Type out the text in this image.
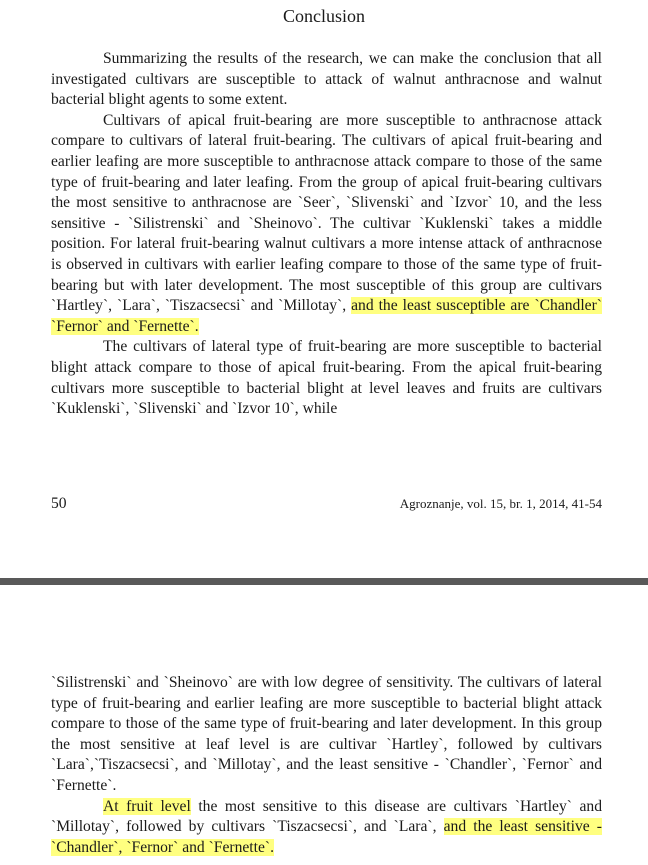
Conclusion

Summarizing the results of the research, we can make the conclusion that all investigated cultivars are susceptible to attack of walnut anthracnose and walnut bacterial blight agents to some extent.

Cultivars of apical fruit-bearing are more susceptible to anthracnose attack compare to cultivars of lateral fruit-bearing. The cultivars of apical fruit-bearing and earlier leafing are more susceptible to anthracnose attack compare to those of the same type of fruit-bearing and later leafing. From the group of apical fruit-bearing cultivars the most sensitive to anthracnose are `Seer`, `Slivenski` and `Izvor` 10, and the less sensitive - `Silistrenski` and `Sheinovo`. The cultivar `Kuklenski` takes a middle position. For lateral fruit-bearing walnut cultivars a more intense attack of anthracnose is observed in cultivars with earlier leafing compare to those of the same type of fruit-bearing but with later development. The most susceptible of this group are cultivars `Hartley`, `Lara`, `Tiszacsecsi` and `Millotay`, and the least susceptible are `Chandler` `Fernor` and `Fernette`.

The cultivars of lateral type of fruit-bearing are more susceptible to bacterial blight attack compare to those of apical fruit-bearing. From the apical fruit-bearing cultivars more susceptible to bacterial blight at level leaves and fruits are cultivars `Kuklenski`, `Slivenski` and `Izvor 10`, while

50	Agroznanje, vol. 15, br. 1, 2014, 41-54

`Silistrenski` and `Sheinovo` are with low degree of sensitivity. The cultivars of lateral type of fruit-bearing and earlier leafing are more susceptible to bacterial blight attack compare to those of the same type of fruit-bearing and later development. In this group the most sensitive at leaf level is are cultivar `Hartley`, followed by cultivars `Lara`,`Tiszacsecsi`, and `Millotay`, and the least sensitive - `Chandler`, `Fernor` and `Fernette`.

At fruit level the most sensitive to this disease are cultivars `Hartley` and `Millotay`, followed by cultivars `Tiszacsecsi`, and `Lara`, and the least sensitive - `Chandler`, `Fernor` and `Fernette`.
